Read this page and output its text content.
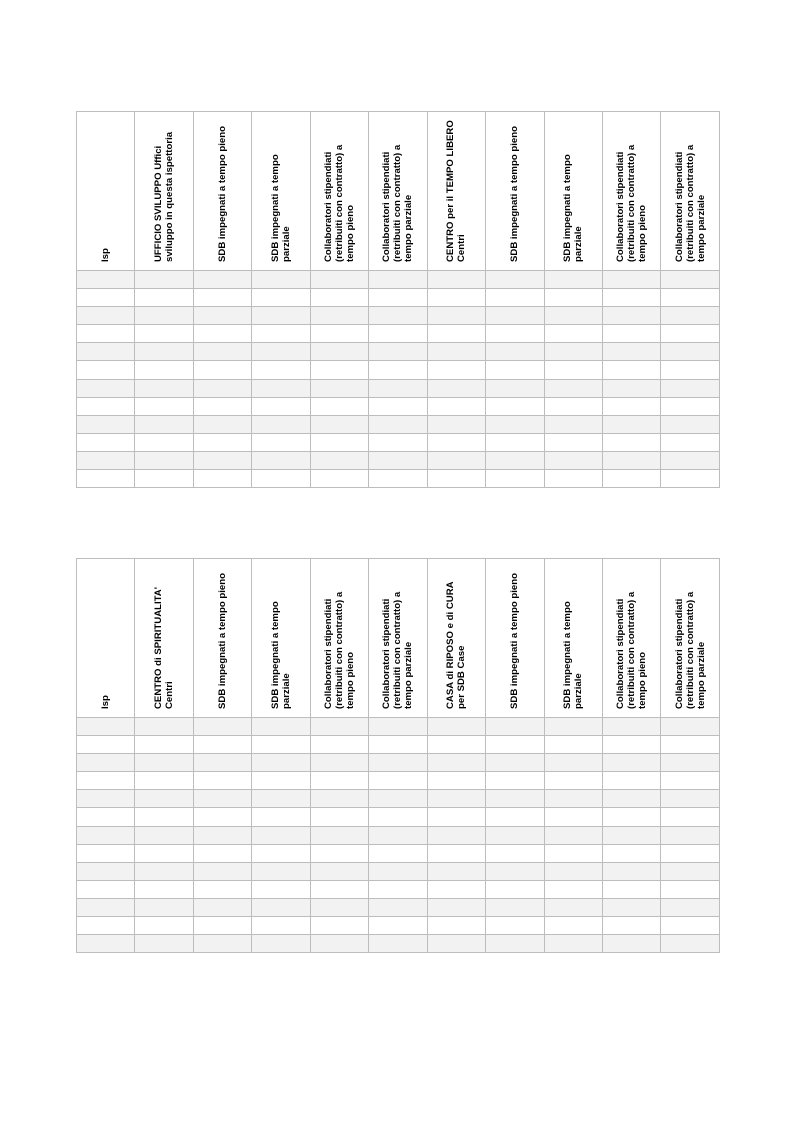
Isp	UFFICIO SVILUPPO Uffici sviluppo in questa ispettoria	SDB impegnati a tempo pieno	SDB impegnati a tempo parziale	Collaboratori stipendiati (retribuiti con contratto) a tempo pieno	Collaboratori stipendiati (retribuiti con contratto) a tempo parziale	CENTRO per il TEMPO LIBERO Centri	SDB impegnati a tempo pieno	SDB impegnati a tempo parziale	Collaboratori stipendiati (retribuiti con contratto) a tempo pieno	Collaboratori stipendiati (retribuiti con contratto) a tempo parziale

Isp	CENTRO di SPIRITUALITA' Centri	SDB impegnati a tempo pieno	SDB impegnati a tempo parziale	Collaboratori stipendiati (retribuiti con contratto) a tempo pieno	Collaboratori stipendiati (retribuiti con contratto) a tempo parziale	CASA di RIPOSO e di CURA per SDB Case	SDB impegnati a tempo pieno	SDB impegnati a tempo parziale	Collaboratori stipendiati (retribuiti con contratto) a tempo pieno	Collaboratori stipendiati (retribuiti con contratto) a tempo parziale
